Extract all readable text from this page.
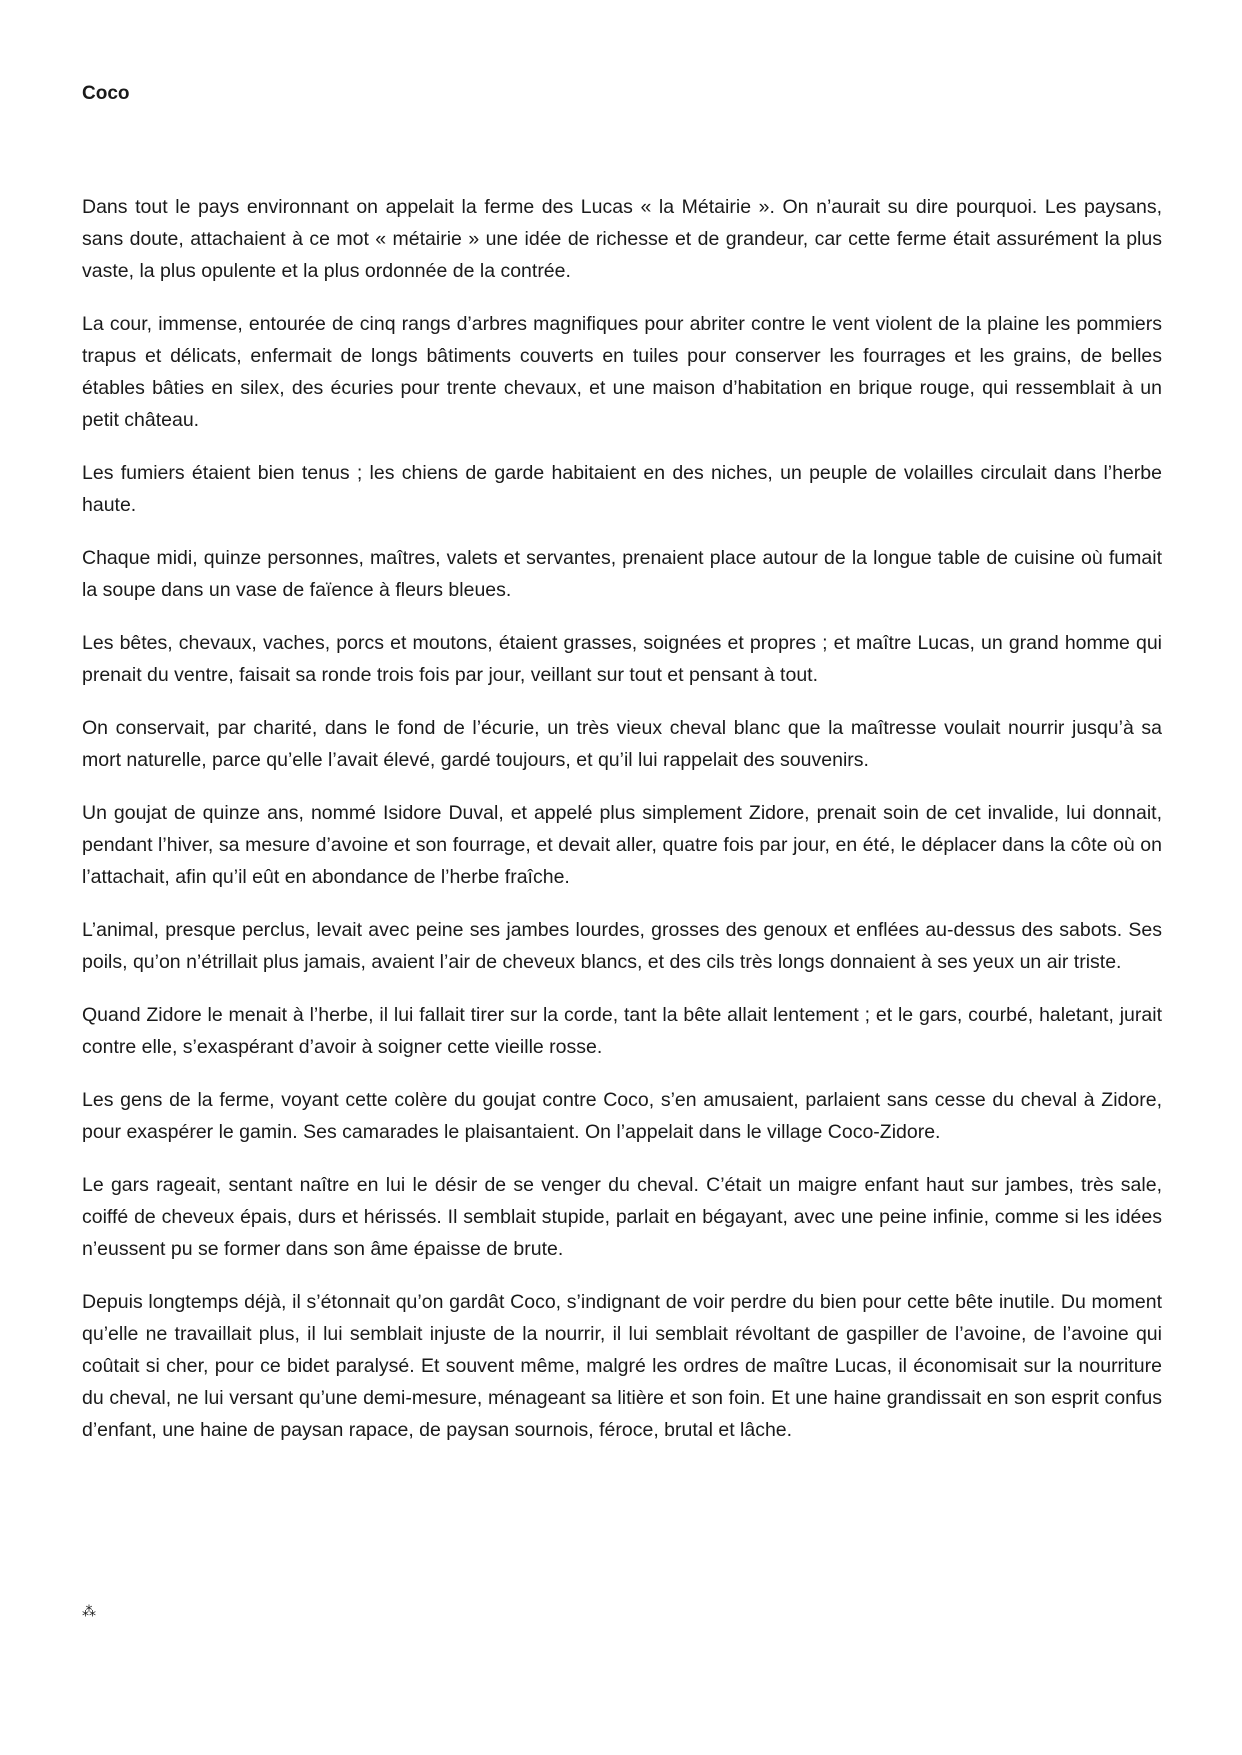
Coco

Dans tout le pays environnant on appelait la ferme des Lucas « la Métairie ». On n’aurait su dire pourquoi. Les paysans, sans doute, attachaient à ce mot « métairie » une idée de richesse et de grandeur, car cette ferme était assurément la plus vaste, la plus opulente et la plus ordonnée de la contrée.

La cour, immense, entourée de cinq rangs d’arbres magnifiques pour abriter contre le vent violent de la plaine les pommiers trapus et délicats, enfermait de longs bâtiments couverts en tuiles pour conserver les fourrages et les grains, de belles étables bâties en silex, des écuries pour trente chevaux, et une maison d’habitation en brique rouge, qui ressemblait à un petit château.

Les fumiers étaient bien tenus ; les chiens de garde habitaient en des niches, un peuple de volailles circulait dans l’herbe haute.

Chaque midi, quinze personnes, maîtres, valets et servantes, prenaient place autour de la longue table de cuisine où fumait la soupe dans un vase de faïence à fleurs bleues.

Les bêtes, chevaux, vaches, porcs et moutons, étaient grasses, soignées et propres ; et maître Lucas, un grand homme qui prenait du ventre, faisait sa ronde trois fois par jour, veillant sur tout et pensant à tout.

On conservait, par charité, dans le fond de l’écurie, un très vieux cheval blanc que la maîtresse voulait nourrir jusqu’à sa mort naturelle, parce qu’elle l’avait élevé, gardé toujours, et qu’il lui rappelait des souvenirs.

Un goujat de quinze ans, nommé Isidore Duval, et appelé plus simplement Zidore, prenait soin de cet invalide, lui donnait, pendant l’hiver, sa mesure d’avoine et son fourrage, et devait aller, quatre fois par jour, en été, le déplacer dans la côte où on l’attachait, afin qu’il eût en abondance de l’herbe fraîche.

L’animal, presque perclus, levait avec peine ses jambes lourdes, grosses des genoux et enflées au-dessus des sabots. Ses poils, qu’on n’étrillait plus jamais, avaient l’air de cheveux blancs, et des cils très longs donnaient à ses yeux un air triste.

Quand Zidore le menait à l’herbe, il lui fallait tirer sur la corde, tant la bête allait lentement ; et le gars, courbé, haletant, jurait contre elle, s’exaspérant d’avoir à soigner cette vieille rosse.

Les gens de la ferme, voyant cette colère du goujat contre Coco, s’en amusaient, parlaient sans cesse du cheval à Zidore, pour exaspérer le gamin. Ses camarades le plaisantaient. On l’appelait dans le village Coco-Zidore.

Le gars rageait, sentant naître en lui le désir de se venger du cheval. C’était un maigre enfant haut sur jambes, très sale, coiffé de cheveux épais, durs et hérissés. Il semblait stupide, parlait en bégayant, avec une peine infinie, comme si les idées n’eussent pu se former dans son âme épaisse de brute.

Depuis longtemps déjà, il s’étonnait qu’on gardât Coco, s’indignant de voir perdre du bien pour cette bête inutile. Du moment qu’elle ne travaillait plus, il lui semblait injuste de la nourrir, il lui semblait révoltant de gaspiller de l’avoine, de l’avoine qui coûtait si cher, pour ce bidet paralysé. Et souvent même, malgré les ordres de maître Lucas, il économisait sur la nourriture du cheval, ne lui versant qu’une demi-mesure, ménageant sa litière et son foin. Et une haine grandissait en son esprit confus d’enfant, une haine de paysan rapace, de paysan sournois, féroce, brutal et lâche.

⁂
